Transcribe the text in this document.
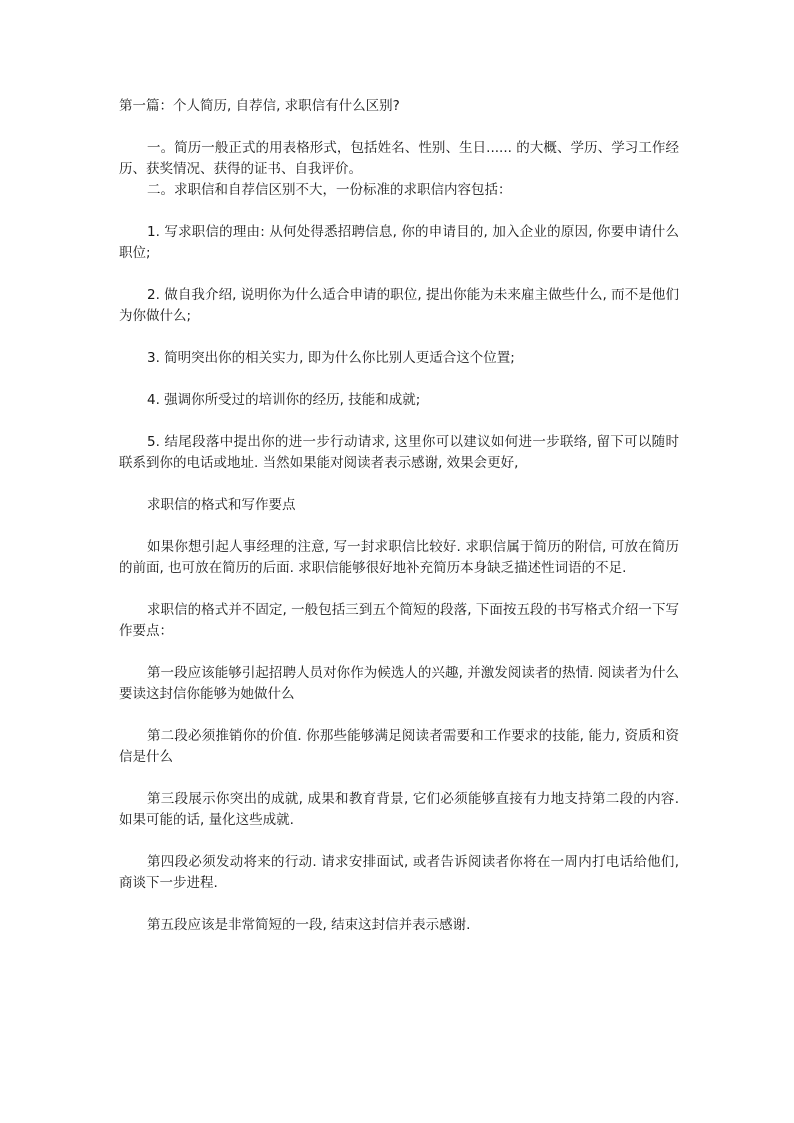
第一篇：个人简历, 自荐信, 求职信有什么区别?

一。简历一般正式的用表格形式，包括姓名、性别、生日...... 的大概、学历、学习工作经历、获奖情况、获得的证书、自我评价。

二。求职信和自荐信区别不大，一份标准的求职信内容包括：

1. 写求职信的理由: 从何处得悉招聘信息, 你的申请目的, 加入企业的原因, 你要申请什么职位;

2. 做自我介绍, 说明你为什么适合申请的职位, 提出你能为未来雇主做些什么, 而不是他们为你做什么;

3. 简明突出你的相关实力, 即为什么你比别人更适合这个位置;

4. 强调你所受过的培训你的经历, 技能和成就;

5. 结尾段落中提出你的进一步行动请求, 这里你可以建议如何进一步联络, 留下可以随时联系到你的电话或地址. 当然如果能对阅读者表示感谢, 效果会更好,

求职信的格式和写作要点

如果你想引起人事经理的注意, 写一封求职信比较好. 求职信属于简历的附信, 可放在简历的前面, 也可放在简历的后面. 求职信能够很好地补充简历本身缺乏描述性词语的不足.

求职信的格式并不固定, 一般包括三到五个简短的段落, 下面按五段的书写格式介绍一下写作要点：

第一段应该能够引起招聘人员对你作为候选人的兴趣, 并激发阅读者的热情. 阅读者为什么要读这封信你能够为她做什么

第二段必须推销你的价值. 你那些能够满足阅读者需要和工作要求的技能, 能力, 资质和资信是什么

第三段展示你突出的成就, 成果和教育背景, 它们必须能够直接有力地支持第二段的内容. 如果可能的话, 量化这些成就.

第四段必须发动将来的行动. 请求安排面试, 或者告诉阅读者你将在一周内打电话给他们, 商谈下一步进程.

第五段应该是非常简短的一段, 结束这封信并表示感谢.
